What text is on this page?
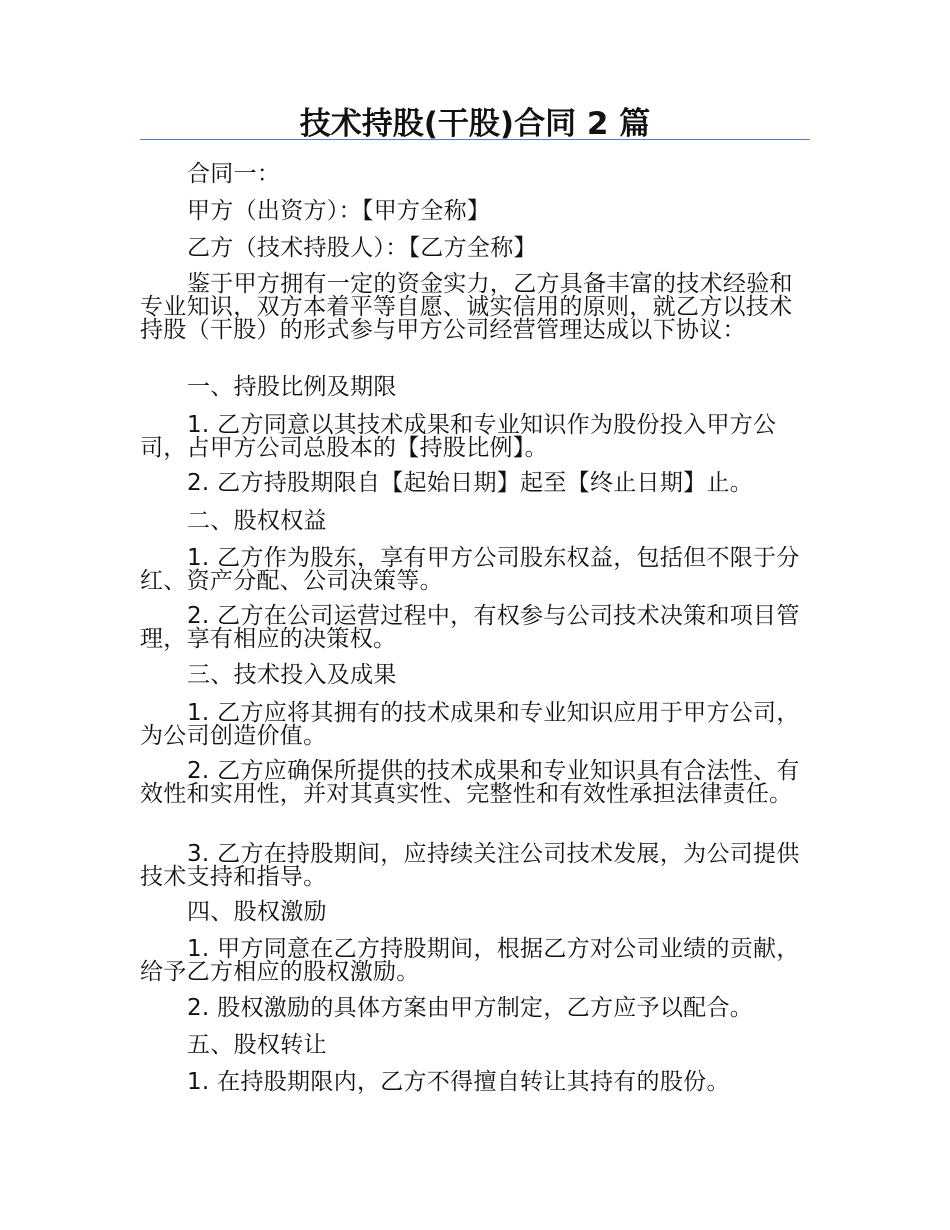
技术持股(干股)合同 2 篇
合同一：
甲方（出资方）：【甲方全称】
乙方（技术持股人）：【乙方全称】
鉴于甲方拥有一定的资金实力，乙方具备丰富的技术经验和专业知识，双方本着平等自愿、诚实信用的原则，就乙方以技术持股（干股）的形式参与甲方公司经营管理达成以下协议：
一、持股比例及期限
1. 乙方同意以其技术成果和专业知识作为股份投入甲方公司，占甲方公司总股本的【持股比例】。
2. 乙方持股期限自【起始日期】起至【终止日期】止。
二、股权权益
1. 乙方作为股东，享有甲方公司股东权益，包括但不限于分红、资产分配、公司决策等。
2. 乙方在公司运营过程中，有权参与公司技术决策和项目管理，享有相应的决策权。
三、技术投入及成果
1. 乙方应将其拥有的技术成果和专业知识应用于甲方公司，为公司创造价值。
2. 乙方应确保所提供的技术成果和专业知识具有合法性、有效性和实用性，并对其真实性、完整性和有效性承担法律责任。
3. 乙方在持股期间，应持续关注公司技术发展，为公司提供技术支持和指导。
四、股权激励
1. 甲方同意在乙方持股期间，根据乙方对公司业绩的贡献，给予乙方相应的股权激励。
2. 股权激励的具体方案由甲方制定，乙方应予以配合。
五、股权转让
1. 在持股期限内，乙方不得擅自转让其持有的股份。
